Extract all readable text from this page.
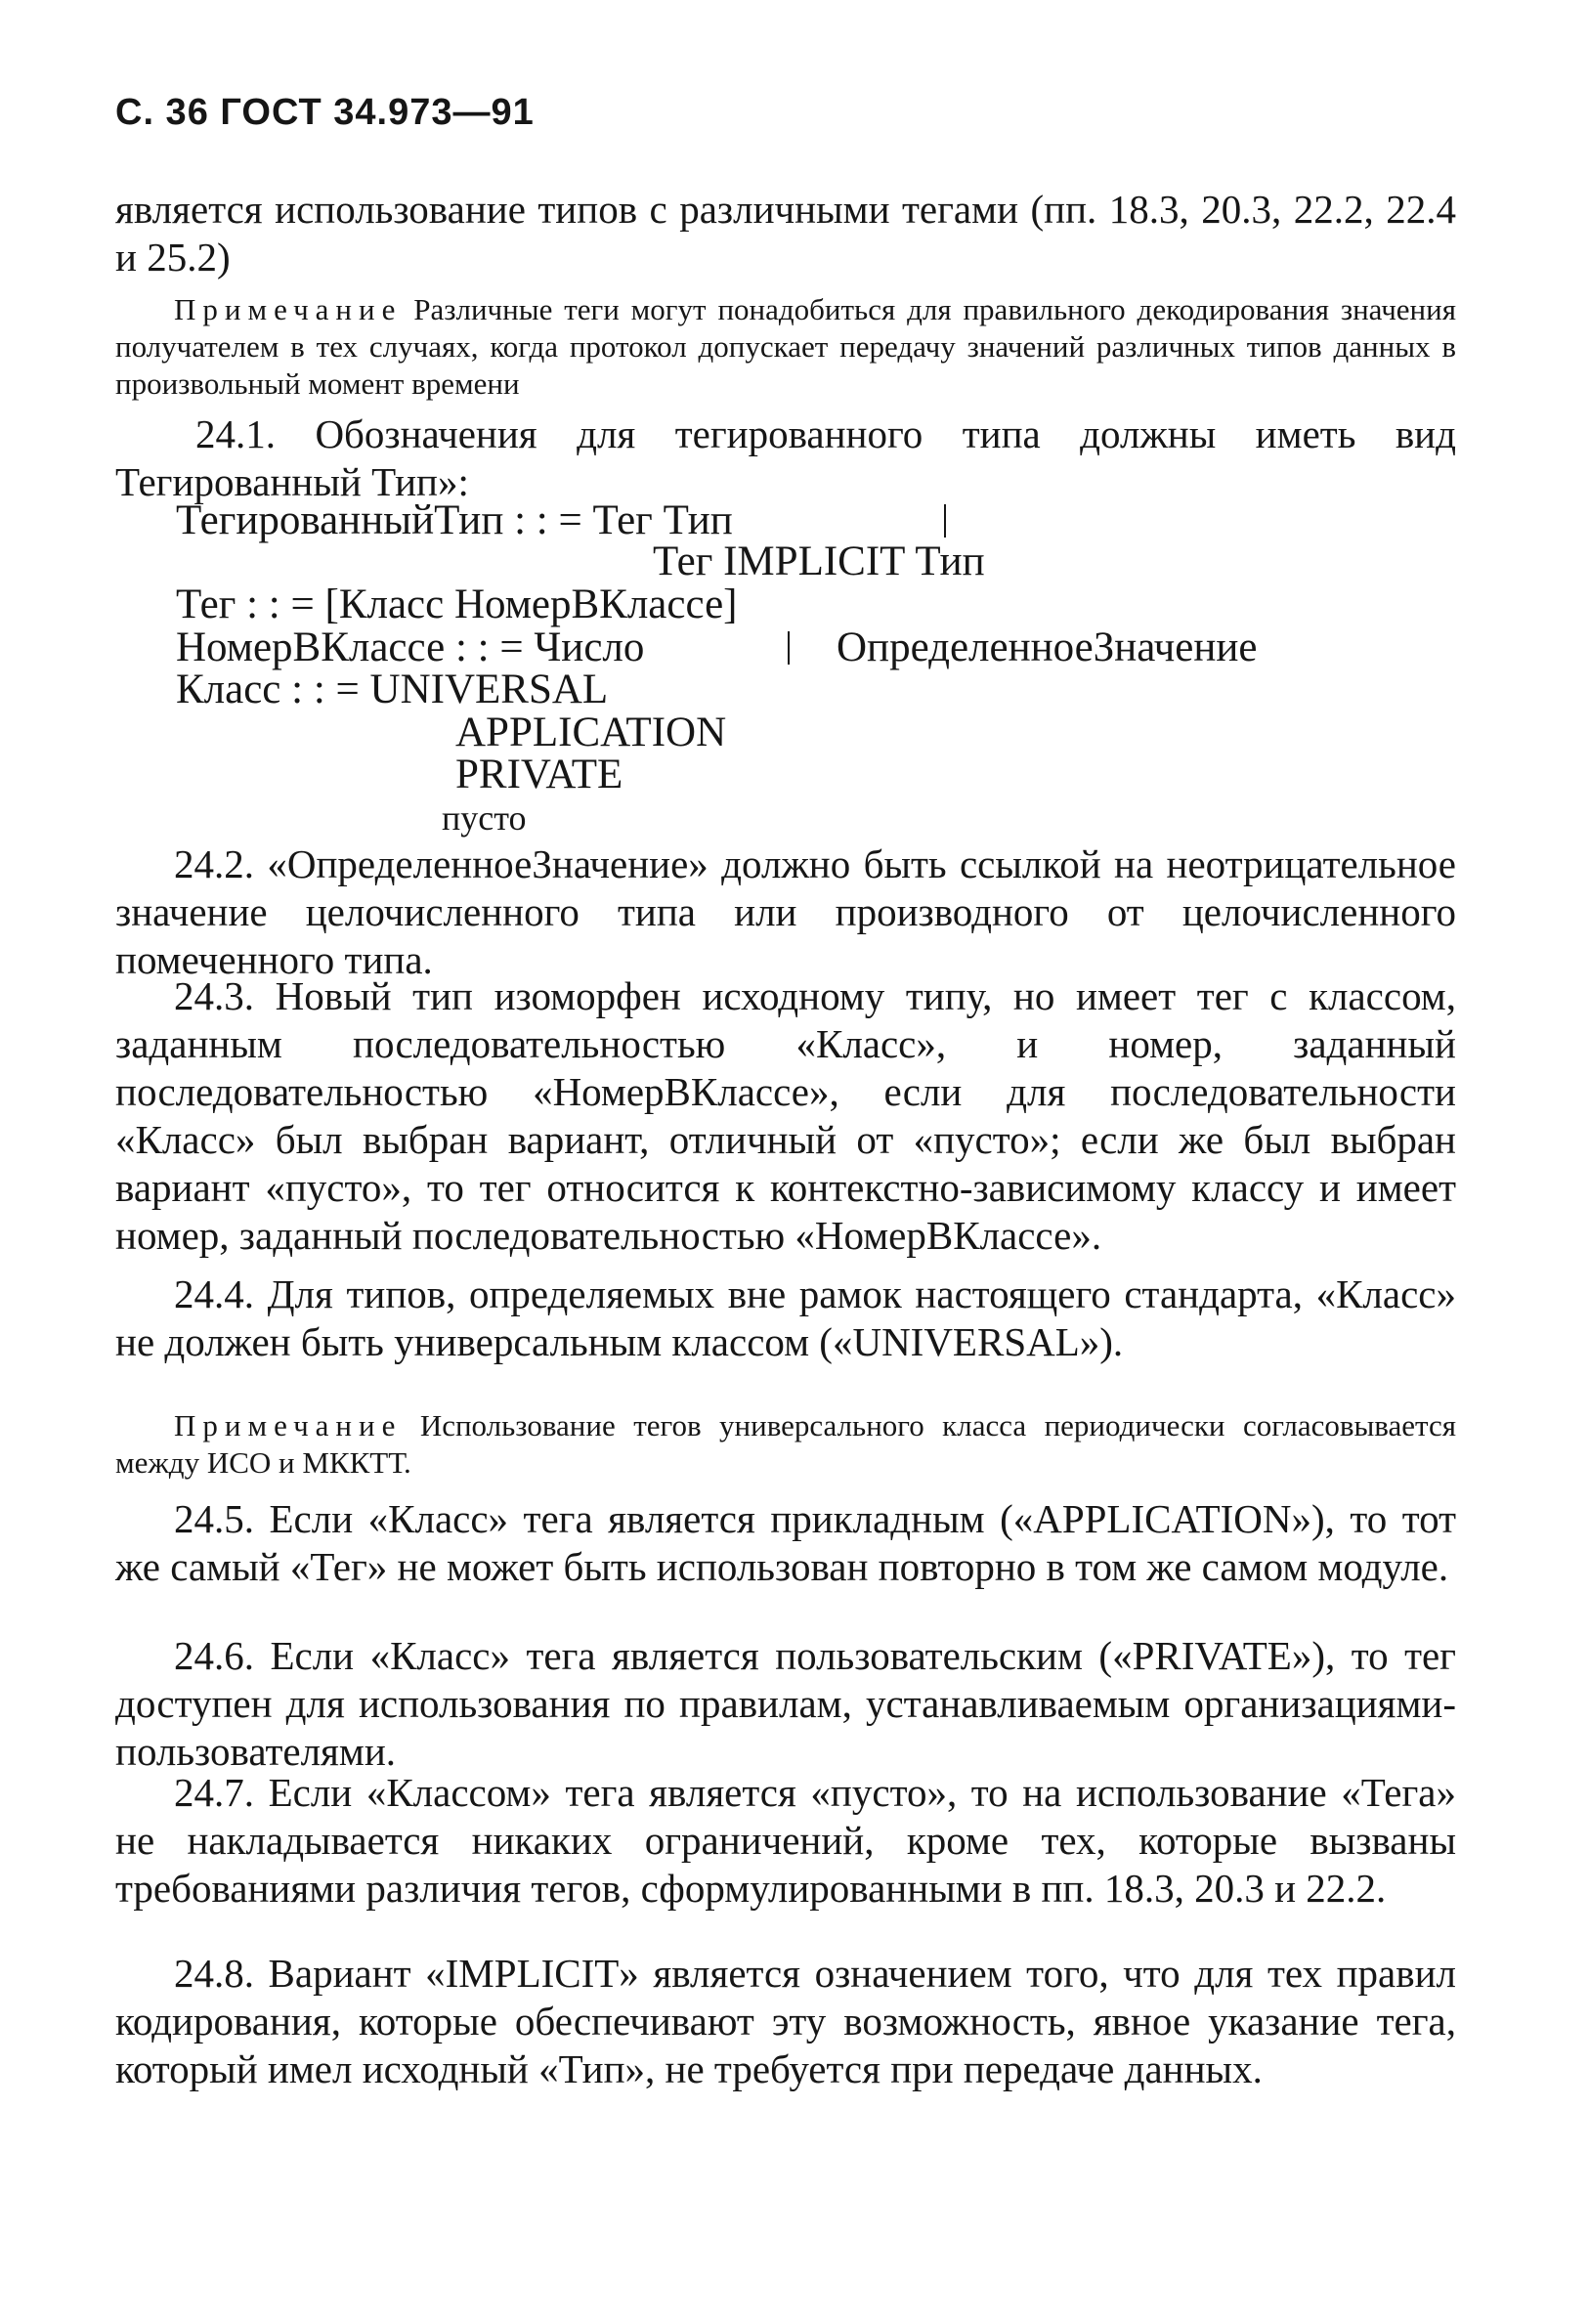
С. 36 ГОСТ 34.973—91
является использование типов с различными тегами (пп. 18.3, 20.3, 22.2, 22.4 и 25.2)
Примечание Различные теги могут понадобиться для правильного декодирования значения получателем в тех случаях, когда протокол допускает передачу значений различных типов данных в произвольный момент времени
24.1. Обозначения для тегированного типа должны иметь вид Тегированный Тип»:
ТегированныйТип : : = Тег Тип
Тег IMPLICIT Тип
Тег : : = [Класс НомерВКлассе]
НомерВКлассе : : = Число	ОпределенноеЗначение
Класс : : = UNIVERSAL
APPLICATION
PRIVATE
пусто
24.2. «ОпределенноеЗначение» должно быть ссылкой на неотрицательное значение целочисленного типа или производного от целочисленного помеченного типа.
24.3. Новый тип изоморфен исходному типу, но имеет тег с классом, заданным последовательностью «Класс», и номер, заданный последовательностью «НомерВКлассе», если для последовательности «Класс» был выбран вариант, отличный от «пусто»; если же был выбран вариант «пусто», то тег относится к контекстно-зависимому классу и имеет номер, заданный последовательностью «НомерВКлассе».
24.4. Для типов, определяемых вне рамок настоящего стандарта, «Класс» не должен быть универсальным классом («UNIVERSAL»).
Примечание Использование тегов универсального класса периодически согласовывается между ИСО и МККТТ.
24.5. Если «Класс» тега является прикладным («APPLICATION»), то тот же самый «Тег» не может быть использован повторно в том же самом модуле.
24.6. Если «Класс» тега является пользовательским («PRIVATE»), то тег доступен для использования по правилам, устанавливаемым организациями-пользователями.
24.7. Если «Классом» тега является «пусто», то на использование «Тега» не накладывается никаких ограничений, кроме тех, которые вызваны требованиями различия тегов, сформулированными в пп. 18.3, 20.3 и 22.2.
24.8. Вариант «IMPLICIT» является означением того, что для тех правил кодирования, которые обеспечивают эту возможность, явное указание тега, который имел исходный «Тип», не требуется при передаче данных.
